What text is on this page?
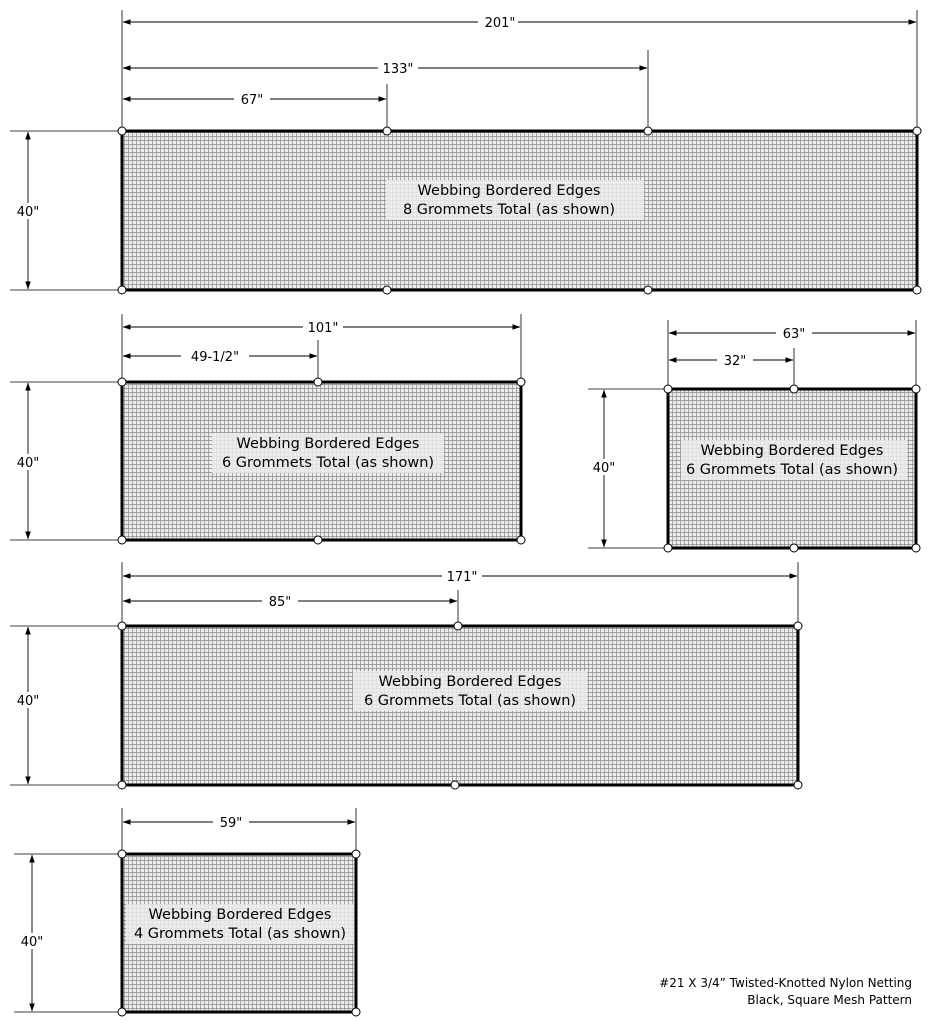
201"
133"
67"
40"
Webbing Bordered Edges
8 Grommets Total (as shown)
101"
49-1/2"
40"
Webbing Bordered Edges
6 Grommets Total (as shown)
63"
32"
40"
Webbing Bordered Edges
6 Grommets Total (as shown)
171"
85"
40"
Webbing Bordered Edges
6 Grommets Total (as shown)
59"
40"
Webbing Bordered Edges
4 Grommets Total (as shown)
#21 X 3/4” Twisted-Knotted Nylon Netting
Black, Square Mesh Pattern
